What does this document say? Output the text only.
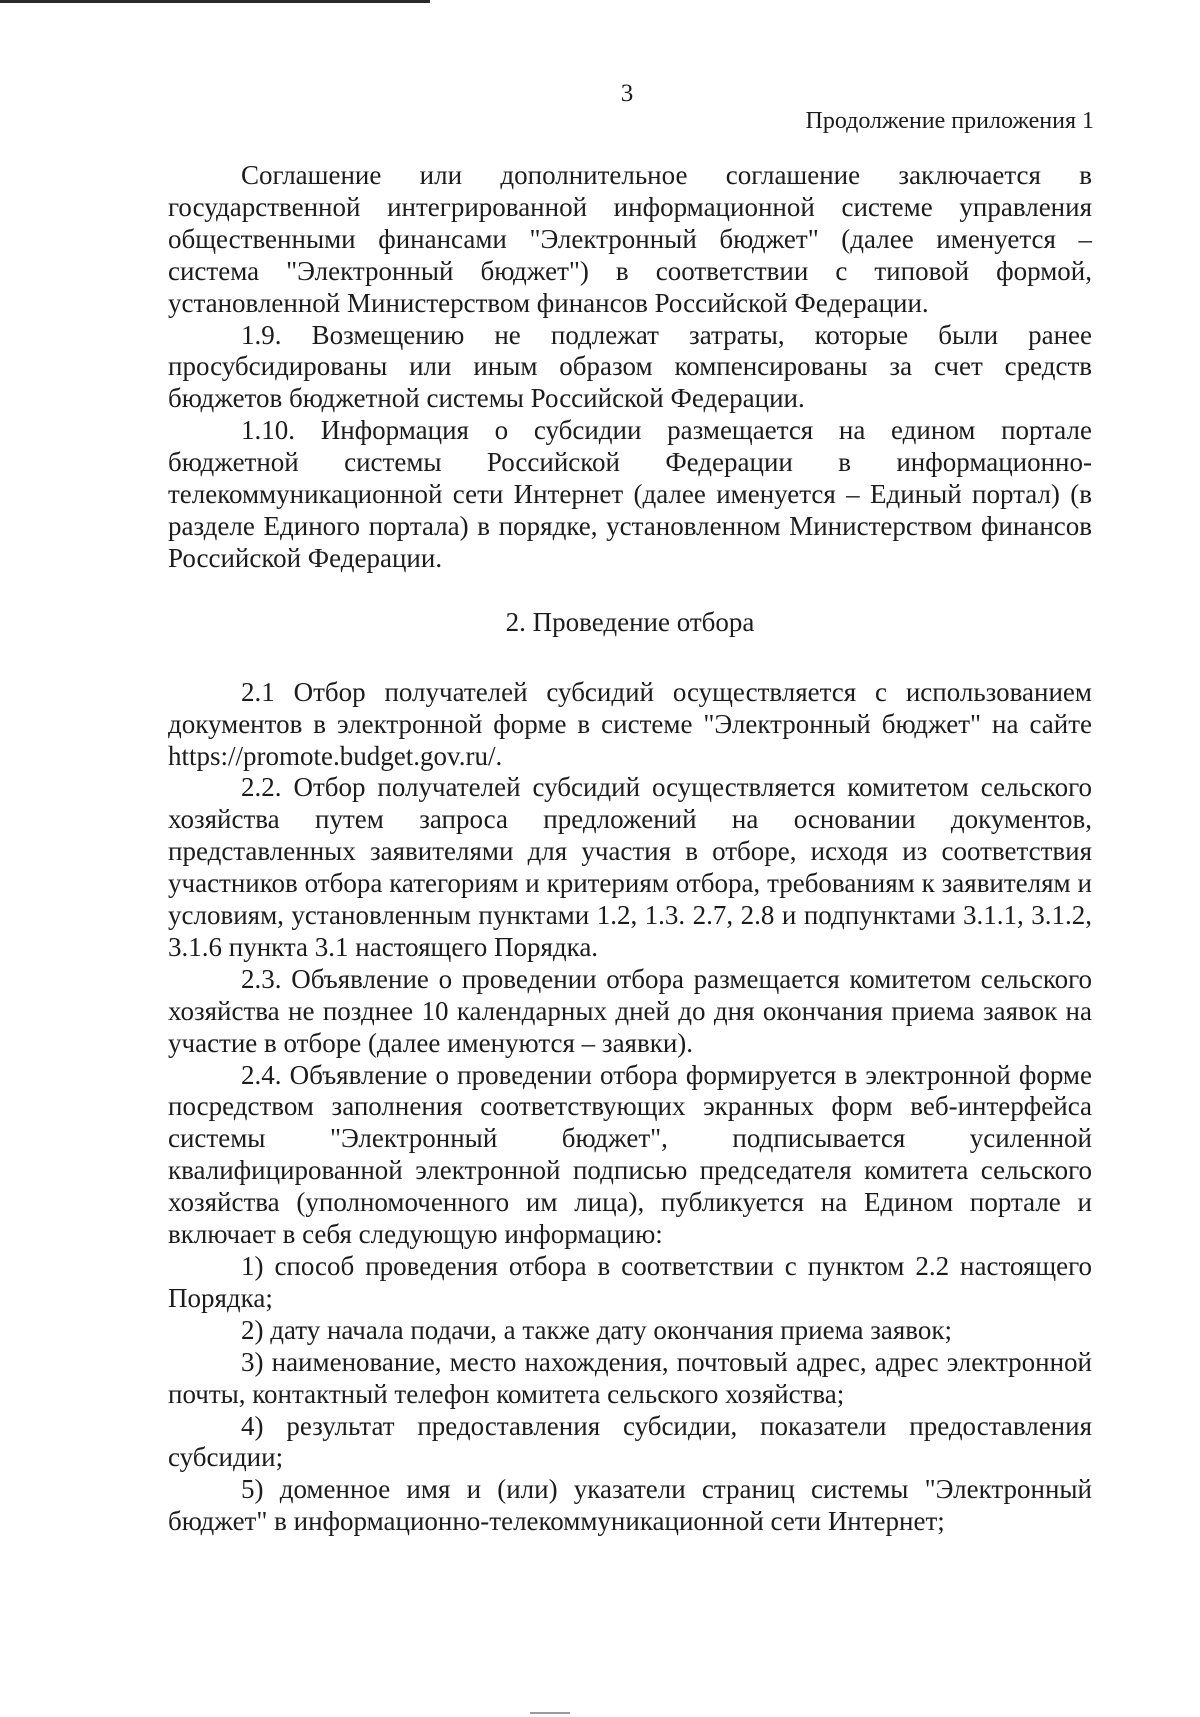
3
Продолжение приложения 1

Соглашение или дополнительное соглашение заключается в государственной интегрированной информационной системе управления общественными финансами "Электронный бюджет" (далее именуется – система "Электронный бюджет") в соответствии с типовой формой, установленной Министерством финансов Российской Федерации.

1.9. Возмещению не подлежат затраты, которые были ранее просубсидированы или иным образом компенсированы за счет средств бюджетов бюджетной системы Российской Федерации.

1.10. Информация о субсидии размещается на едином портале бюджетной системы Российской Федерации в информационно-телекоммуникационной сети Интернет (далее именуется – Единый портал) (в разделе Единого портала) в порядке, установленном Министерством финансов Российской Федерации.

2. Проведение отбора

2.1 Отбор получателей субсидий осуществляется с использованием документов в электронной форме в системе "Электронный бюджет" на сайте https://promote.budget.gov.ru/.

2.2. Отбор получателей субсидий осуществляется комитетом сельского хозяйства путем запроса предложений на основании документов, представленных заявителями для участия в отборе, исходя из соответствия участников отбора категориям и критериям отбора, требованиям к заявителям и условиям, установленным пунктами 1.2, 1.3. 2.7, 2.8 и подпунктами 3.1.1, 3.1.2, 3.1.6 пункта 3.1 настоящего Порядка.

2.3. Объявление о проведении отбора размещается комитетом сельского хозяйства не позднее 10 календарных дней до дня окончания приема заявок на участие в отборе (далее именуются – заявки).

2.4. Объявление о проведении отбора формируется в электронной форме посредством заполнения соответствующих экранных форм веб-интерфейса системы "Электронный бюджет", подписывается усиленной квалифицированной электронной подписью председателя комитета сельского хозяйства (уполномоченного им лица), публикуется на Едином портале и включает в себя следующую информацию:

1) способ проведения отбора в соответствии с пунктом 2.2 настоящего Порядка;

2) дату начала подачи, а также дату окончания приема заявок;

3) наименование, место нахождения, почтовый адрес, адрес электронной почты, контактный телефон комитета сельского хозяйства;

4) результат предоставления субсидии, показатели предоставления субсидии;

5) доменное имя и (или) указатели страниц системы "Электронный бюджет" в информационно-телекоммуникационной сети Интернет;
